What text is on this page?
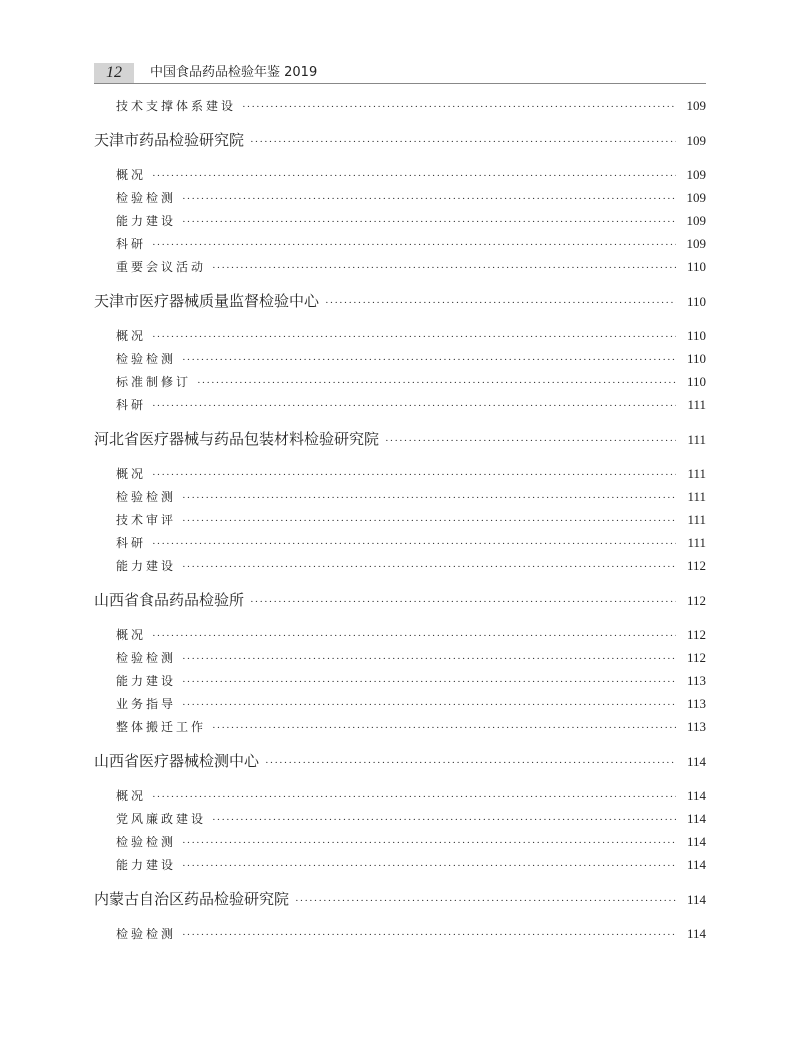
12	中国食品药品检验年鉴 2019
技术支撑体系建设 ·····	109
天津市药品检验研究院 ·····	109
概况 ·····	109
检验检测 ·····	109
能力建设 ·····	109
科研 ·····	109
重要会议活动 ·····	110
天津市医疗器械质量监督检验中心 ·····	110
概况 ·····	110
检验检测 ·····	110
标准制修订 ·····	110
科研 ·····	111
河北省医疗器械与药品包装材料检验研究院 ·····	111
概况 ·····	111
检验检测 ·····	111
技术审评 ·····	111
科研 ·····	111
能力建设 ·····	112
山西省食品药品检验所 ·····	112
概况 ·····	112
检验检测 ·····	112
能力建设 ·····	113
业务指导 ·····	113
整体搬迁工作 ·····	113
山西省医疗器械检测中心 ·····	114
概况 ·····	114
党风廉政建设 ·····	114
检验检测 ·····	114
能力建设 ·····	114
内蒙古自治区药品检验研究院 ·····	114
检验检测 ·····	114
